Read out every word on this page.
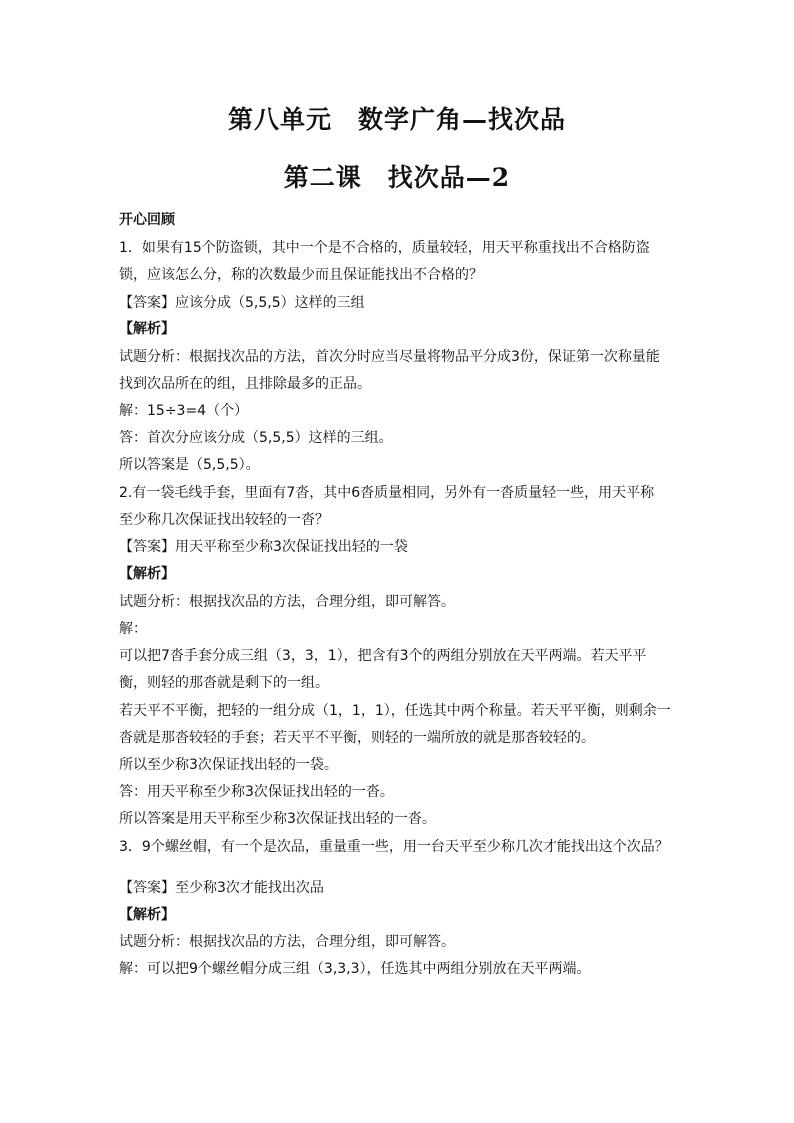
第八单元　数学广角—找次品
第二课　找次品—2
开心回顾
1．如果有15个防盗锁，其中一个是不合格的，质量较轻，用天平称重找出不合格防盗
锁，应该怎么分，称的次数最少而且保证能找出不合格的？
【答案】应该分成（5,5,5）这样的三组
【解析】
试题分析：根据找次品的方法，首次分时应当尽量将物品平分成3份，保证第一次称量能
找到次品所在的组，且排除最多的正品。
解：15÷3=4（个）
答：首次分应该分成（5,5,5）这样的三组。
所以答案是（5,5,5）。
2.有一袋毛线手套，里面有7沓，其中6沓质量相同，另外有一沓质量轻一些，用天平称
至少称几次保证找出较轻的一沓？
【答案】用天平称至少称3次保证找出轻的一袋
【解析】
试题分析：根据找次品的方法，合理分组，即可解答。
解：
可以把7沓手套分成三组（3，3，1），把含有3个的两组分别放在天平两端。若天平平
衡，则轻的那沓就是剩下的一组。
若天平不平衡，把轻的一组分成（1，1，1），任选其中两个称量。若天平平衡，则剩余一
沓就是那沓较轻的手套；若天平不平衡，则轻的一端所放的就是那沓较轻的。
所以至少称3次保证找出轻的一袋。
答：用天平称至少称3次保证找出轻的一沓。
所以答案是用天平称至少称3次保证找出轻的一沓。
3．9个螺丝帽，有一个是次品，重量重一些，用一台天平至少称几次才能找出这个次品？
【答案】至少称3次才能找出次品
【解析】
试题分析：根据找次品的方法，合理分组，即可解答。
解：可以把9个螺丝帽分成三组（3,3,3），任选其中两组分别放在天平两端。
